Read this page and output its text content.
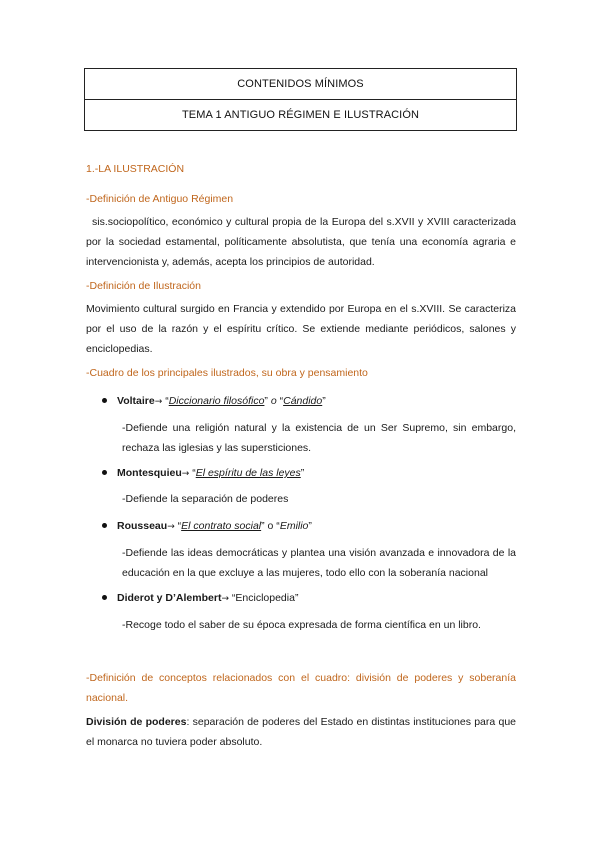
CONTENIDOS MÍNIMOS
TEMA 1 ANTIGUO RÉGIMEN E ILUSTRACIÓN
1.-LA ILUSTRACIÓN
-Definición de Antiguo Régimen
sis.sociopolítico, económico y cultural propia de la Europa del s.XVII y XVIII caracterizada por la sociedad estamental, políticamente absolutista, que tenía una economía agraria e intervencionista y, además, acepta los principios de autoridad.
-Definición de Ilustración
Movimiento cultural surgido en Francia y extendido por Europa en el s.XVIII. Se caracteriza por el uso de la razón y el espíritu crítico. Se extiende mediante periódicos, salones y enciclopedias.
-Cuadro de los principales ilustrados, su obra y pensamiento
Voltaire→ “Diccionario filosófico” o “Cándido”
-Defiende una religión natural y la existencia de un Ser Supremo, sin embargo, rechaza las iglesias y las supersticiones.
Montesquieu→ “El espíritu de las leyes”
-Defiende la separación de poderes
Rousseau→ “El contrato social” o “Emilio”
-Defiende las ideas democráticas y plantea una visión avanzada e innovadora de la educación en la que excluye a las mujeres, todo ello con la soberanía nacional
Diderot y D’Alembert→ “Enciclopedia”
-Recoge todo el saber de su época expresada de forma científica en un libro.
-Definición de conceptos relacionados con el cuadro: división de poderes y soberanía nacional.
División de poderes: separación de poderes del Estado en distintas instituciones para que el monarca no tuviera poder absoluto.
